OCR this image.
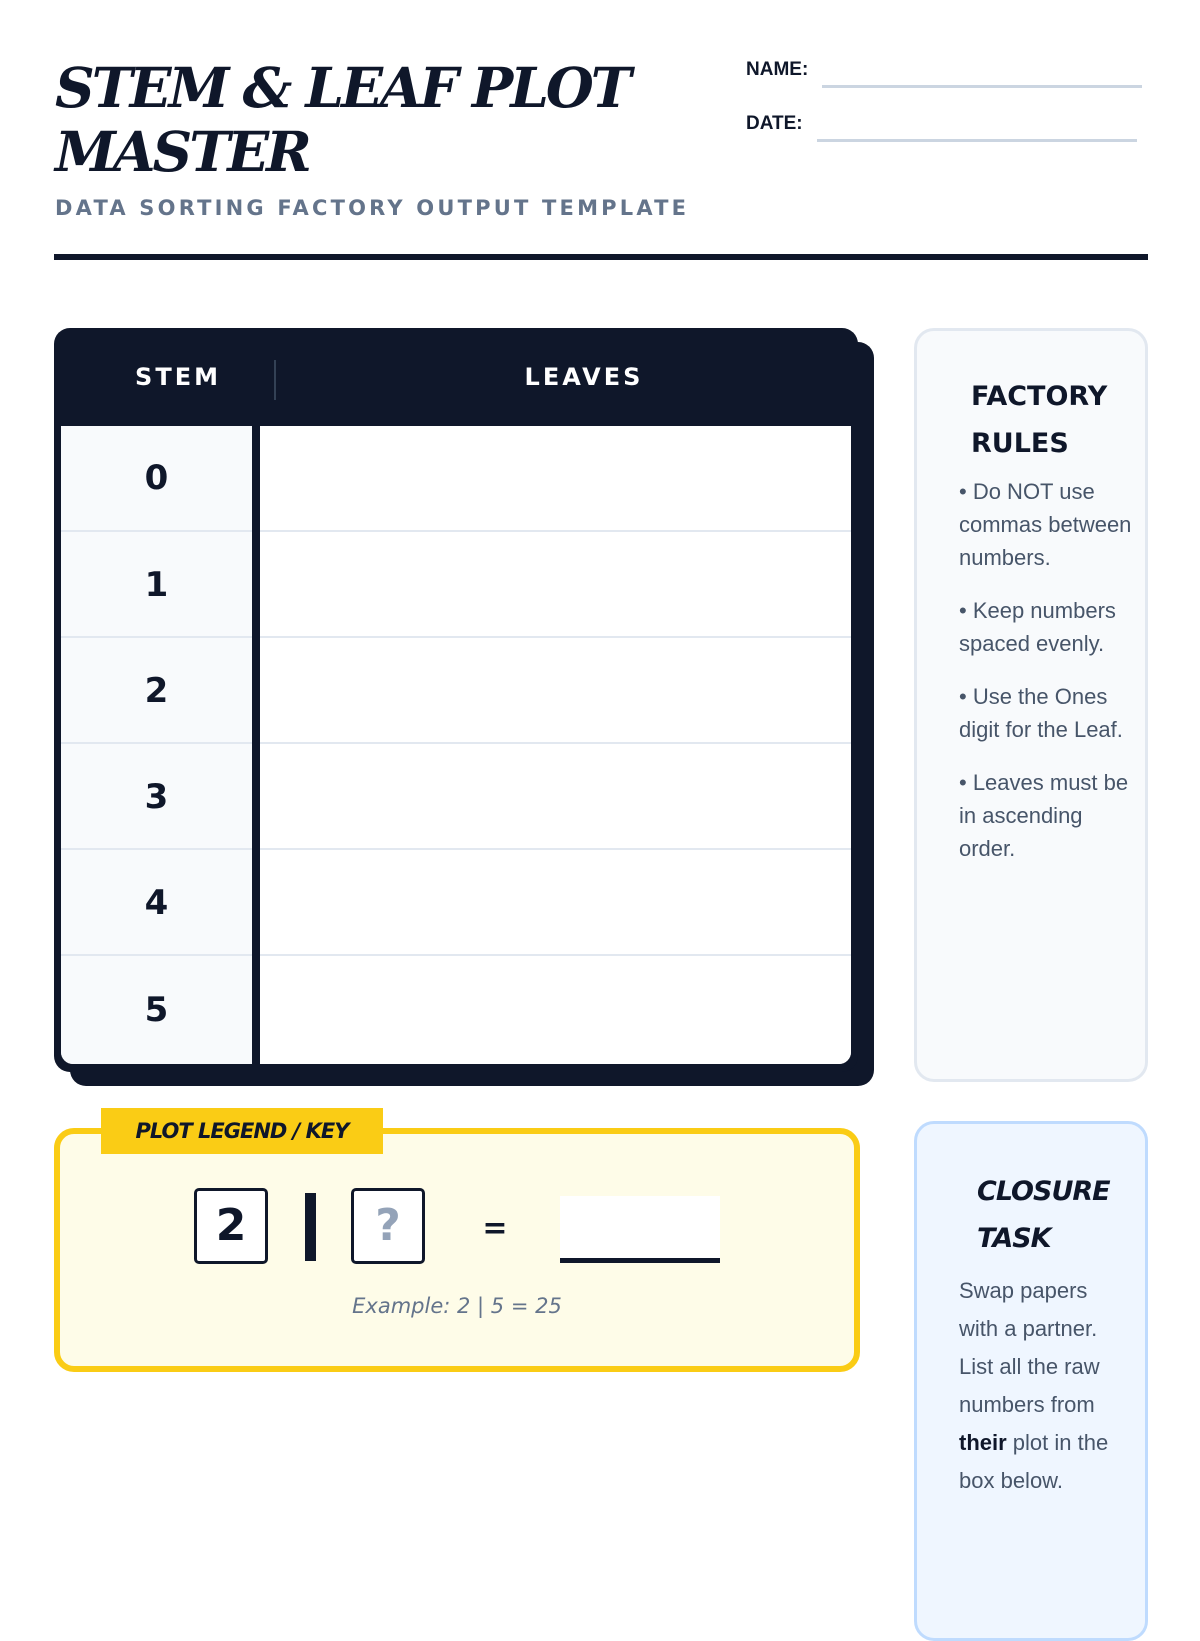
STEM & LEAF PLOT MASTER

DATA SORTING FACTORY OUTPUT TEMPLATE

NAME:
DATE:
STEM	LEAVES
0
1
2
3
4
5
FACTORY RULES
• Do NOT use commas between numbers.
• Keep numbers spaced evenly.
• Use the Ones digit for the Leaf.
• Leaves must be in ascending order.
PLOT LEGEND / KEY
2	?	=
Example: 2 | 5 = 25
CLOSURE TASK

Swap papers with a partner. List all the raw numbers from their plot in the box below.
